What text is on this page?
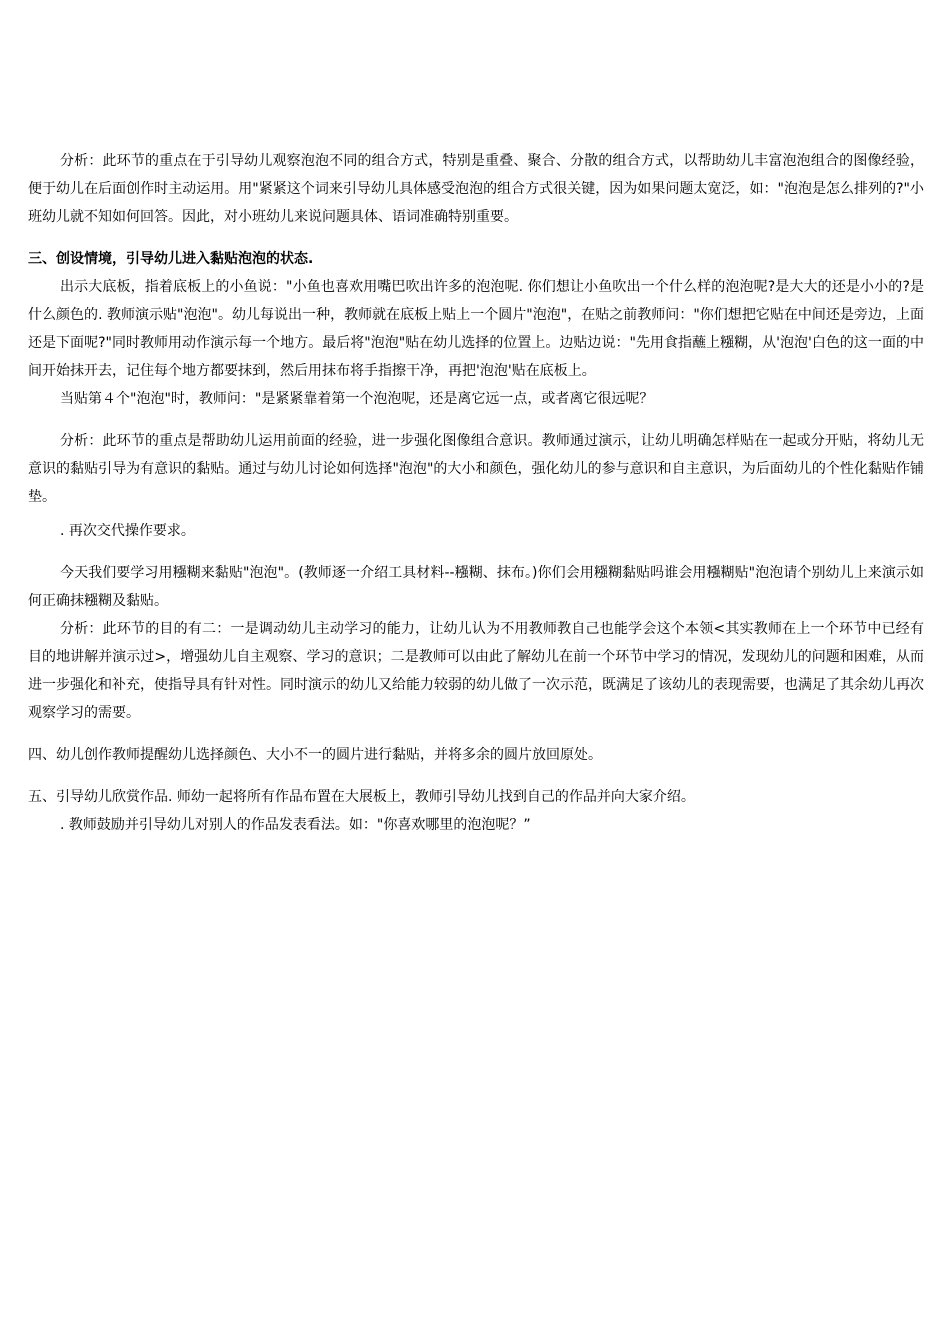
分析：此环节的重点在于引导幼儿观察泡泡不同的组合方式，特别是重叠、聚合、分散的组合方式，以帮助幼儿丰富泡泡组合的图像经验，便于幼儿在后面创作时主动运用。用"紧紧这个词来引导幼儿具体感受泡泡的组合方式很关键，因为如果问题太宽泛，如："泡泡是怎么排列的?"小班幼儿就不知如何回答。因此，对小班幼儿来说问题具体、语词准确特别重要。

三、创设情境，引导幼儿进入黏贴泡泡的状态.

出示大底板，指着底板上的小鱼说："小鱼也喜欢用嘴巴吹出许多的泡泡呢. 你们想让小鱼吹出一个什么样的泡泡呢?是大大的还是小小的?是什么颜色的. 教师演示贴"泡泡"。幼儿每说出一种，教师就在底板上贴上一个圆片"泡泡"，在贴之前教师问："你们想把它贴在中间还是旁边，上面还是下面呢?"同时教师用动作演示每一个地方。最后将"泡泡"贴在幼儿选择的位置上。边贴边说："先用食指蘸上糨糊，从'泡泡'白色的这一面的中间开始抹开去，记住每个地方都要抹到，然后用抹布将手指擦干净，再把'泡泡'贴在底板上。

当贴第４个"泡泡"时，教师问："是紧紧靠着第一个泡泡呢，还是离它远一点，或者离它很远呢？

分析：此环节的重点是帮助幼儿运用前面的经验，进一步强化图像组合意识。教师通过演示，让幼儿明确怎样贴在一起或分开贴，将幼儿无意识的黏贴引导为有意识的黏贴。通过与幼儿讨论如何选择"泡泡"的大小和颜色，强化幼儿的参与意识和自主意识，为后面幼儿的个性化黏贴作铺垫。

. 再次交代操作要求。

今天我们要学习用糨糊来黏贴"泡泡"。(教师逐一介绍工具材料--糨糊、抹布。)你们会用糨糊黏贴吗谁会用糨糊贴"泡泡请个别幼儿上来演示如何正确抹糨糊及黏贴。

分析：此环节的目的有二：一是调动幼儿主动学习的能力，让幼儿认为不用教师教自己也能学会这个本领<其实教师在上一个环节中已经有目的地讲解并演示过>，增强幼儿自主观察、学习的意识；二是教师可以由此了解幼儿在前一个环节中学习的情况，发现幼儿的问题和困难，从而进一步强化和补充，使指导具有针对性。同时演示的幼儿又给能力较弱的幼儿做了一次示范，既满足了该幼儿的表现需要，也满足了其余幼儿再次观察学习的需要。

四、幼儿创作教师提醒幼儿选择颜色、大小不一的圆片进行黏贴，并将多余的圆片放回原处。

五、引导幼儿欣赏作品. 师幼一起将所有作品布置在大展板上，教师引导幼儿找到自己的作品并向大家介绍。

. 教师鼓励并引导幼儿对别人的作品发表看法。如："你喜欢哪里的泡泡呢？”
